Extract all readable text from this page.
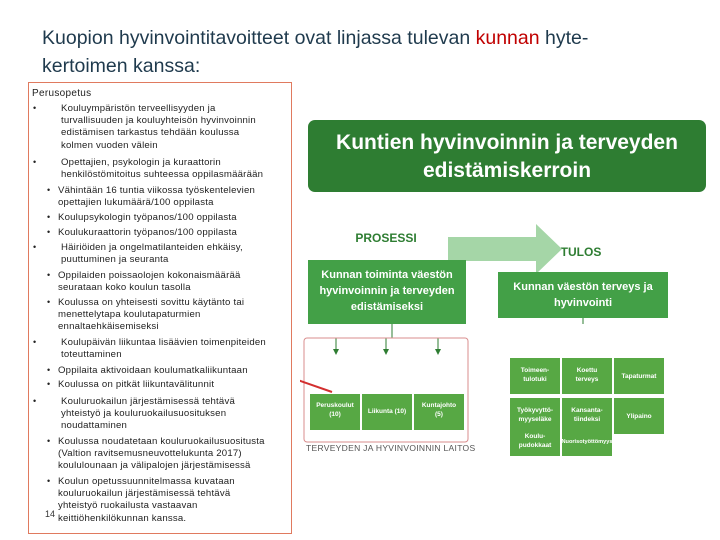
Kuopion hyvinvointitavoitteet ovat linjassa tulevan kunnan hyte-
kertoimen kanssa:
Perusopetus
•	Kouluympäristön terveellisyyden ja
turvallisuuden ja kouluyhteisön hyvinvoinnin
edistämisen tarkastus tehdään koulussa
kolmen vuoden välein
•	Opettajien, psykologin ja kuraattorin
henkilöstömitoitus suhteessa oppilasmäärään
• Vähintään 16 tuntia viikossa työskentelevien
opettajien lukumäärä/100 oppilasta
• Koulupsykologin työpanos/100 oppilasta
• Koulukuraattorin työpanos/100 oppilasta
•	Häiriöiden ja ongelmatilanteiden ehkäisy,
puuttuminen ja seuranta
• Oppilaiden poissaolojen kokonaismäärää
seurataan koko koulun tasolla
• Koulussa on yhteisesti sovittu käytänto tai
menettelytapa koulutapaturmien
ennaltaehkäisemiseksi
•	Koulupäivän liikuntaa lisäävien toimenpiteiden
toteuttaminen
• Oppilaita aktivoidaan koulumatkaliikuntaan
• Koulussa on pitkät liikuntavälitunnit
•	Kouluruokailun järjestämisessä tehtävä
yhteistyö ja kouluruokailusuosituksen
noudattaminen
• Koulussa noudatetaan kouluruokailusuositusta
(Valtion ravitsemusneuvottelukunta 2017)
koululounaan ja välipalojen järjestämisessä
• Koulun opetussuunnitelmassa kuvataan
kouluruokailun järjestämisessä tehtävä
yhteistyö ruokailusta vastaavan
keittiöhenkilökunnan kanssa.
14
Kuntien hyvinvoinnin ja terveyden
edistämiskerroin
PROSESSI
TULOS
Kunnan toiminta väestön
hyvinvoinnin ja terveyden
edistämiseksi
Kunnan väestön terveys ja
hyvinvointi
Peruskoulut
(10)	Liikunta (10)
Kuntajohto
(5)
Toimeen-
tulotuki
Koettu
terveys	Tapaturmat
Työkyvyttö-
myyseläke
Kansanta-
tiindeksi	Ylipaino
Koulu-
pudokkaat Nuorisotyöttömyys
TERVEYDEN JA HYVINVOINNIN LAITOS
